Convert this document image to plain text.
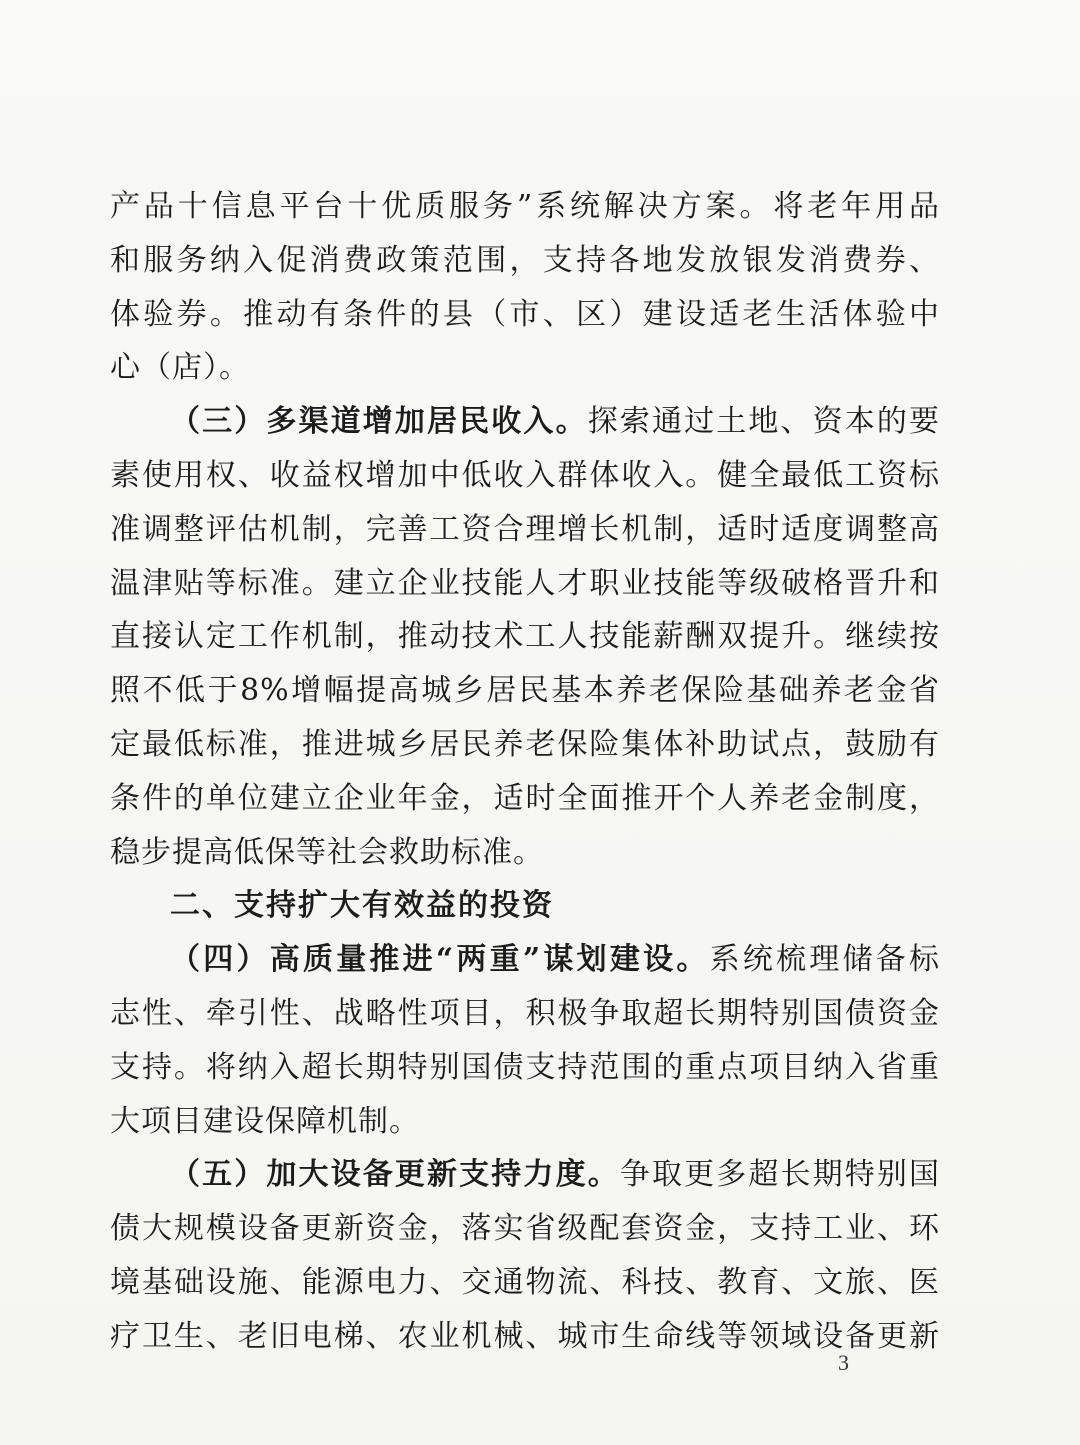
产品十信息平台十优质服务”系统解决方案。将老年用品
和服务纳入促消费政策范围，支持各地发放银发消费券、
体验券。推动有条件的县（市、区）建设适老生活体验中
心（店）。
（三）多渠道增加居民收入。探索通过土地、资本的要
素使用权、收益权增加中低收入群体收入。健全最低工资标
准调整评估机制，完善工资合理增长机制，适时适度调整高
温津贴等标准。建立企业技能人才职业技能等级破格晋升和
直接认定工作机制，推动技术工人技能薪酬双提升。继续按
照不低于8%增幅提高城乡居民基本养老保险基础养老金省
定最低标准，推进城乡居民养老保险集体补助试点，鼓励有
条件的单位建立企业年金，适时全面推开个人养老金制度，
稳步提高低保等社会救助标准。
二、支持扩大有效益的投资
（四）高质量推进“两重”谋划建设。系统梳理储备标
志性、牵引性、战略性项目，积极争取超长期特别国债资金
支持。将纳入超长期特别国债支持范围的重点项目纳入省重
大项目建设保障机制。
（五）加大设备更新支持力度。争取更多超长期特别国
债大规模设备更新资金，落实省级配套资金，支持工业、环
境基础设施、能源电力、交通物流、科技、教育、文旅、医
疗卫生、老旧电梯、农业机械、城市生命线等领域设备更新
3
